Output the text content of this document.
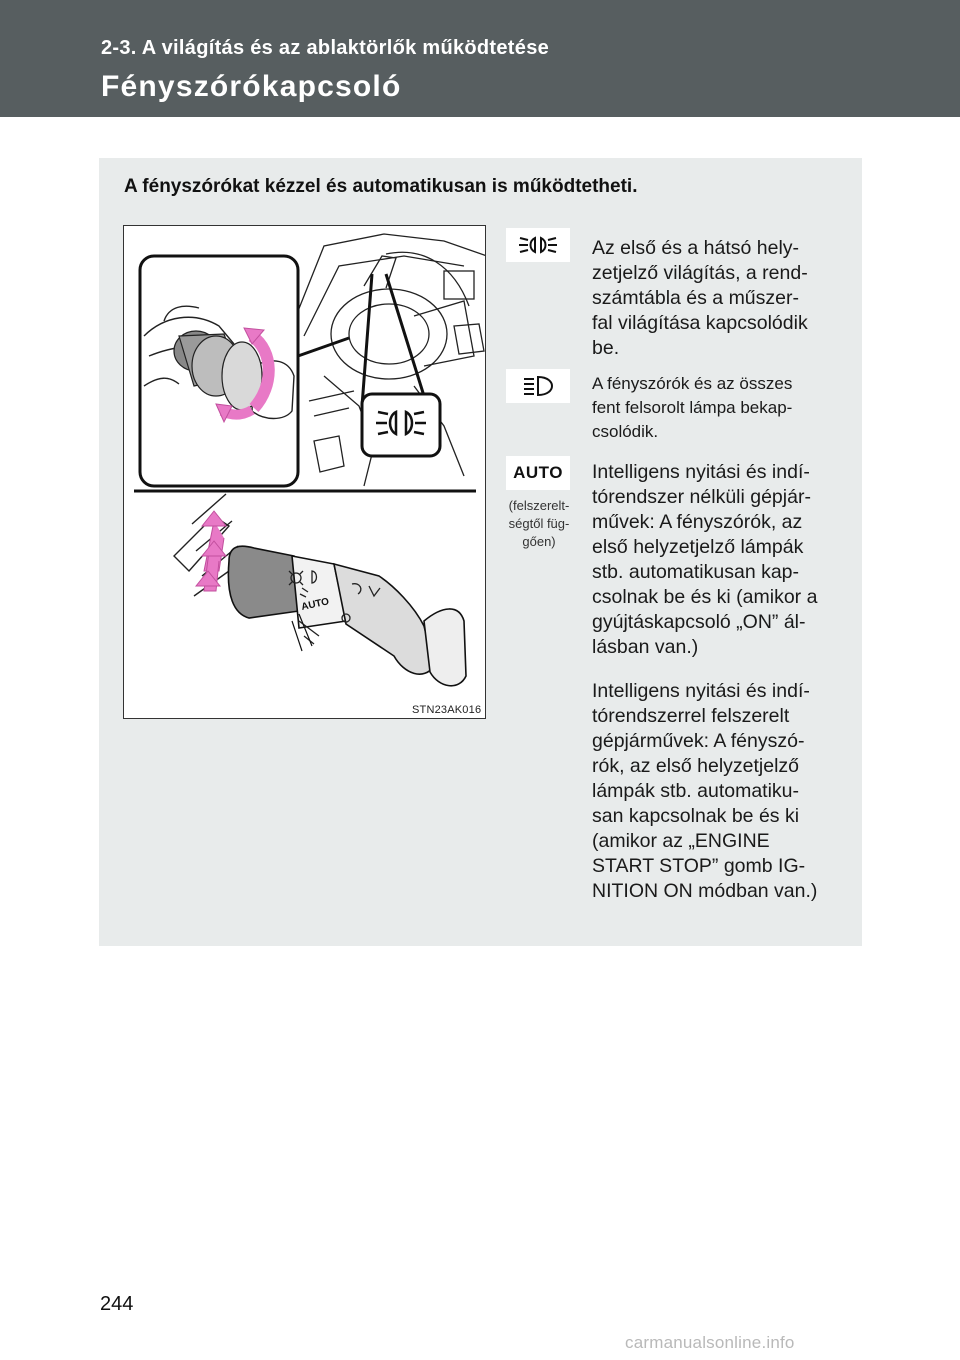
2-3. A világítás és az ablaktörlők működtetése
Fényszórókapcsoló
A fényszórókat kézzel és automatikusan is működtetheti.
AUTO
STN23AK016
Az első és a hátsó hely-
zetjelző világítás, a rend-
számtábla és a műszer-
fal világítása kapcsolódik
be.
A fényszórók és az összes
fent felsorolt lámpa bekap-
csolódik.
AUTO
(felszerelt-
ségtől füg-
gően)
Intelligens nyitási és indí-
tórendszer nélküli gépjár-
művek: A fényszórók, az
első helyzetjelző lámpák
stb. automatikusan kap-
csolnak be és ki (amikor a
gyújtáskapcsoló „ON” ál-
lásban van.)
Intelligens nyitási és indí-
tórendszerrel felszerelt
gépjárművek: A fényszó-
rók, az első helyzetjelző
lámpák stb. automatiku-
san kapcsolnak be és ki
(amikor az „ENGINE
START STOP” gomb IG-
NITION ON módban van.)
244
carmanualsonline.info
